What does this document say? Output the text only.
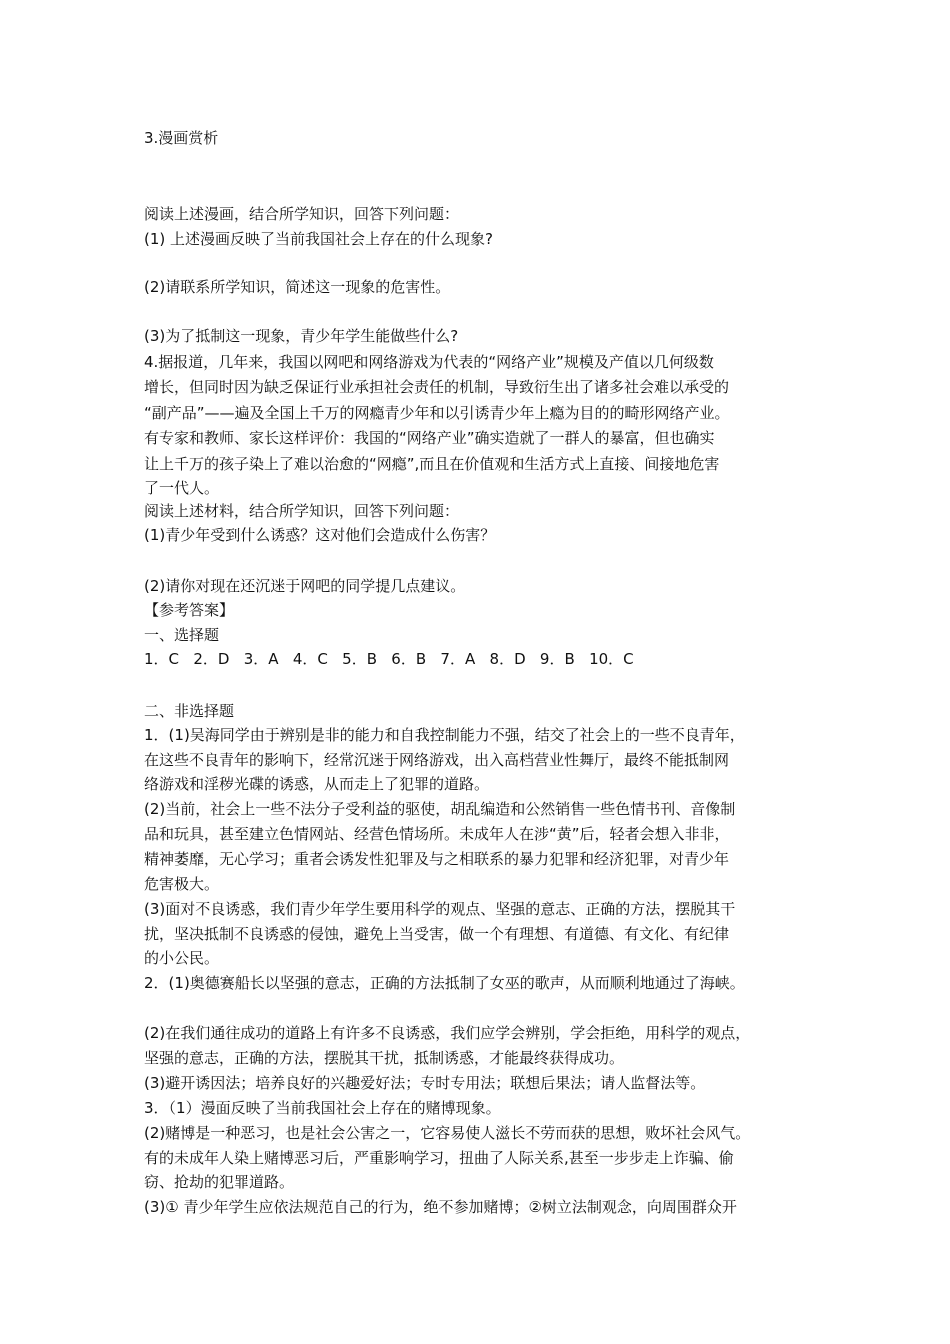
3.漫画赏析
阅读上述漫画，结合所学知识，回答下列问题：
(1) 上述漫画反映了当前我国社会上存在的什么现象?
(2)请联系所学知识，简述这一现象的危害性。
(3)为了抵制这一现象，青少年学生能做些什么?
4.据报道，几年来，我国以网吧和网络游戏为代表的“网络产业”规模及产值以几何级数
增长，但同时因为缺乏保证行业承担社会责任的机制，导致衍生出了诸多社会难以承受的
“副产品”——遍及全国上千万的网瘾青少年和以引诱青少年上瘾为目的的畸形网络产业。
有专家和教师、家长这样评价：我国的“网络产业”确实造就了一群人的暴富，但也确实
让上千万的孩子染上了难以治愈的“网瘾”,而且在价值观和生活方式上直接、间接地危害
了一代人。
阅读上述材料，结合所学知识，回答下列问题：
(1)青少年受到什么诱惑？这对他们会造成什么伤害？
(2)请你对现在还沉迷于网吧的同学提几点建议。
【参考答案】
一、选择题
1．C   2．D   3．A   4．C   5．B   6．B   7．A   8．D   9．B   10．C
二、非选择题
1．(1)吴海同学由于辨别是非的能力和自我控制能力不强，结交了社会上的一些不良青年，
在这些不良青年的影响下，经常沉迷于网络游戏，出入高档营业性舞厅，最终不能抵制网
络游戏和淫秽光碟的诱惑，从而走上了犯罪的道路。
(2)当前，社会上一些不法分子受利益的驱使，胡乱编造和公然销售一些色情书刊、音像制
品和玩具，甚至建立色情网站、经营色情场所。未成年人在涉“黄”后，轻者会想入非非，
精神萎靡，无心学习；重者会诱发性犯罪及与之相联系的暴力犯罪和经济犯罪，对青少年
危害极大。
(3)面对不良诱惑，我们青少年学生要用科学的观点、坚强的意志、正确的方法，摆脱其干
扰，坚决抵制不良诱惑的侵蚀，避免上当受害，做一个有理想、有道德、有文化、有纪律
的小公民。
2．(1)奥德赛船长以坚强的意志，正确的方法抵制了女巫的歌声，从而顺利地通过了海峡。
(2)在我们通往成功的道路上有许多不良诱惑，我们应学会辨别，学会拒绝，用科学的观点，
坚强的意志，正确的方法，摆脱其干扰，抵制诱惑，才能最终获得成功。
(3)避开诱因法；培养良好的兴趣爱好法；专时专用法；联想后果法；请人监督法等。
3．（1）漫面反映了当前我国社会上存在的赌博现象。
(2)赌博是一种恶习，也是社会公害之一，它容易使人滋长不劳而获的思想，败坏社会风气。
有的未成年人染上赌博恶习后，严重影响学习，扭曲了人际关系,甚至一步步走上诈骗、偷
窃、抢劫的犯罪道路。
(3)① 青少年学生应依法规范自己的行为，绝不参加赌博；②树立法制观念，向周围群众开
